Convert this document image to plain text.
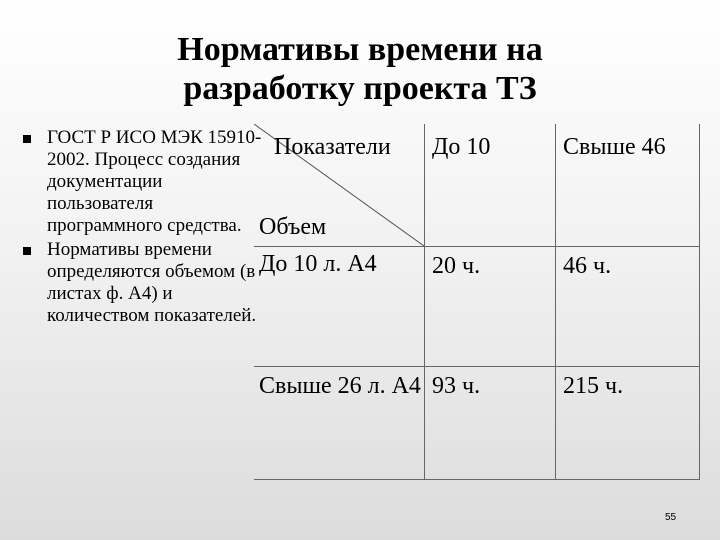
Нормативы времени на
разработку проекта ТЗ
ГОСТ Р ИСО МЭК 15910-2002. Процесс создания документации пользователя программного средства.
Нормативы времени определяются объемом (в листах ф. А4) и количеством показателей.
Показатели
Объем	До 10	Свыше 46

До 10 л. А4	20 ч.	46 ч.

Свыше 26 л. А4	93 ч.	215 ч.
55
